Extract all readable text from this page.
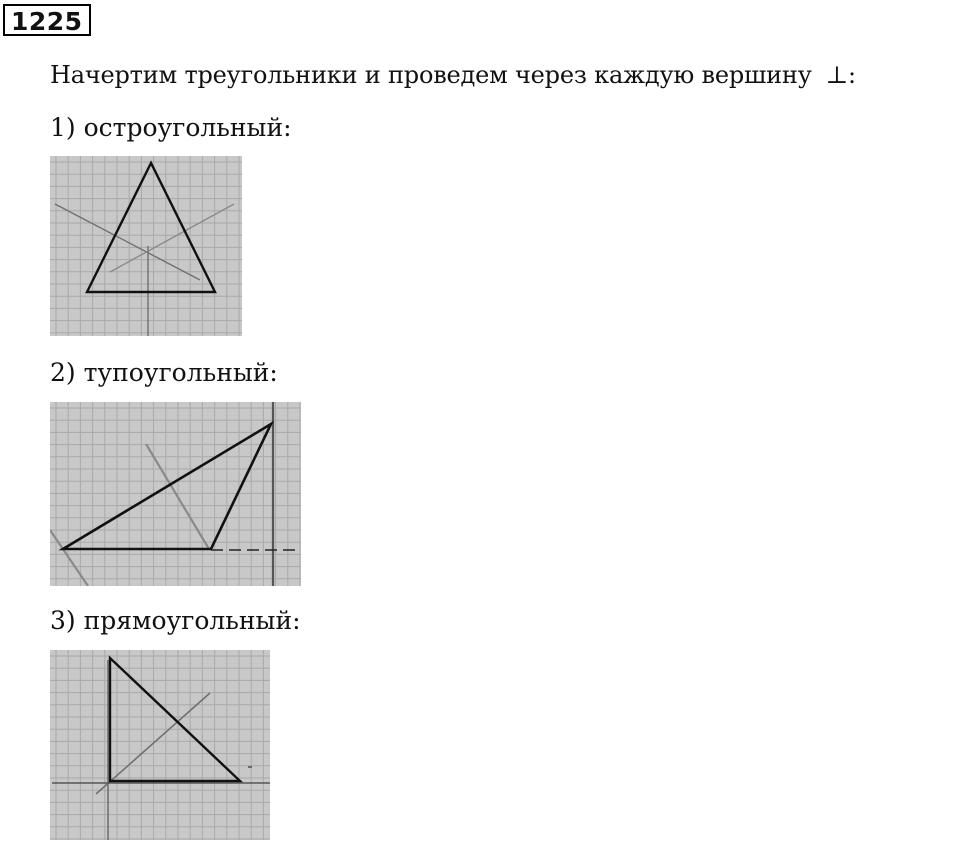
1225
Начертим треугольники и проведем через каждую вершину ⊥:
1) остроугольный:
2) тупоугольный:
3) прямоугольный:
